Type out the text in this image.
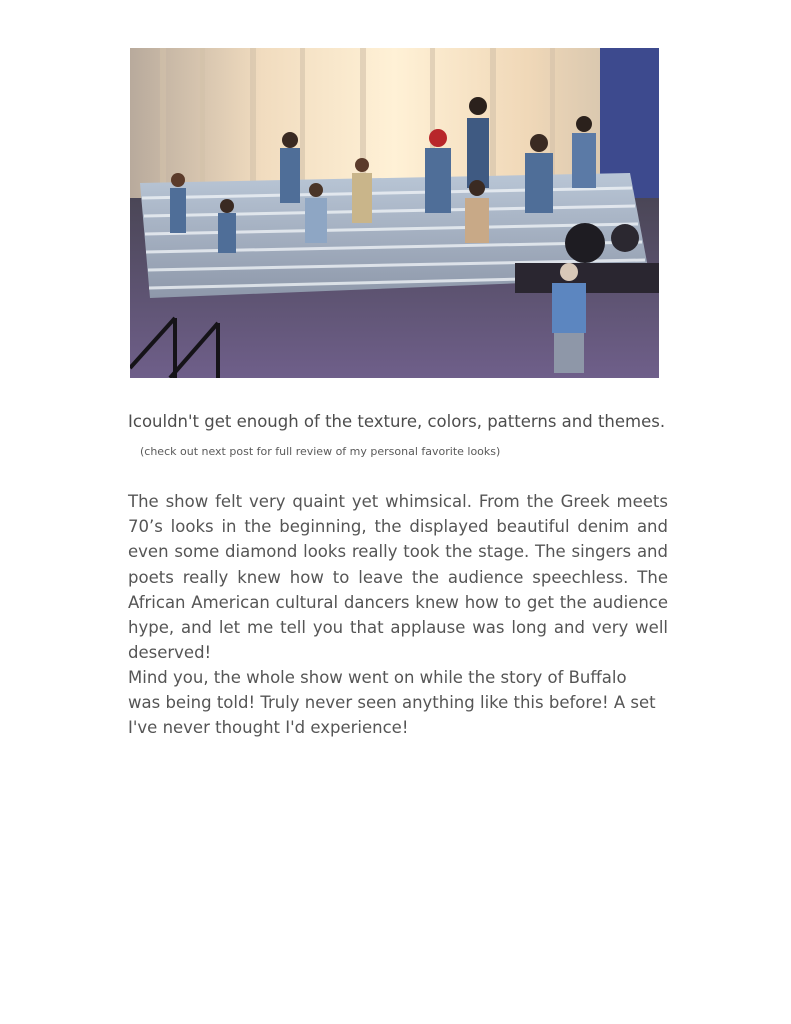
Icouldn't get enough of the texture, colors, patterns and themes.(check out next post for full review of my personal favorite looks)

The show felt very quaint yet whimsical. From the Greek meets 70’s looks in the beginning, the displayed beautiful denim and even some diamond looks really took the stage. The singers and poets really knew how to leave the audience speechless. The African American cultural dancers knew how to get the audience hype, and let me tell you that applause was long and very well deserved!

Mind you, the whole show went on while the story of Buffalo was being told! Truly never seen anything like this before! A set I've never thought I'd experience!
